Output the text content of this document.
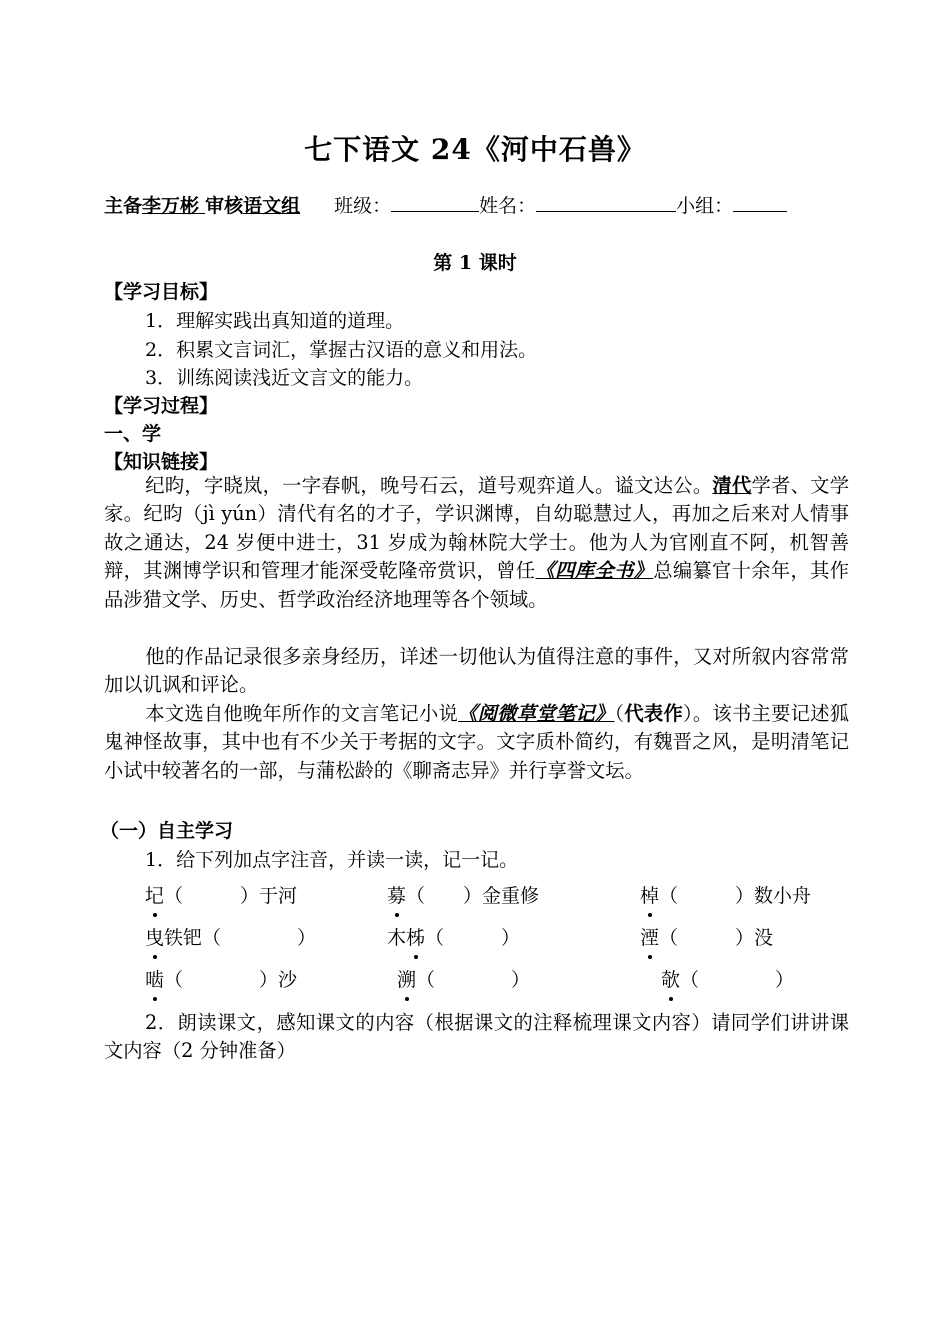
七下语文 24《河中石兽》
主备李万彬 审核语文组 班级：	姓名：	小组：
第 1 课时
【学习目标】
1．理解实践出真知道的道理。
2．积累文言词汇，掌握古汉语的意义和用法。
3．训练阅读浅近文言文的能力。
【学习过程】
一、学
【知识链接】
纪昀，字晓岚，一字春帆，晚号石云，道号观弈道人。谥文达公。清代学者、文学家。纪昀（jì yún）清代有名的才子，学识渊博，自幼聪慧过人，再加之后来对人情事故之通达，24 岁便中进士，31 岁成为翰林院大学士。他为人为官刚直不阿，机智善辩，其渊博学识和管理才能深受乾隆帝赏识，曾任《四库全书》总编纂官十余年，其作品涉猎文学、历史、哲学政治经济地理等各个领域。
他的作品记录很多亲身经历，详述一切他认为值得注意的事件，又对所叙内容常常加以讥讽和评论。
本文选自他晚年所作的文言笔记小说《阅微草堂笔记》（代表作）。该书主要记述狐鬼神怪故事，其中也有不少关于考据的文字。文字质朴简约，有魏晋之风，是明清笔记小试中较著名的一部，与蒲松龄的《聊斋志异》并行享誉文坛。
（一）自主学习
1．给下列加点字注音，并读一读，记一记。
圮（　　　）于河	募（　　）金重修	棹（　　　）数小舟
曳铁钯（　　　　）	木柹（　　　）	湮（　　　）没
啮（　　　　）沙	溯（　　　　）	欹（　　　　）
2．朗读课文，感知课文的内容（根据课文的注释梳理课文内容）请同学们讲讲课文内容（2 分钟准备）
